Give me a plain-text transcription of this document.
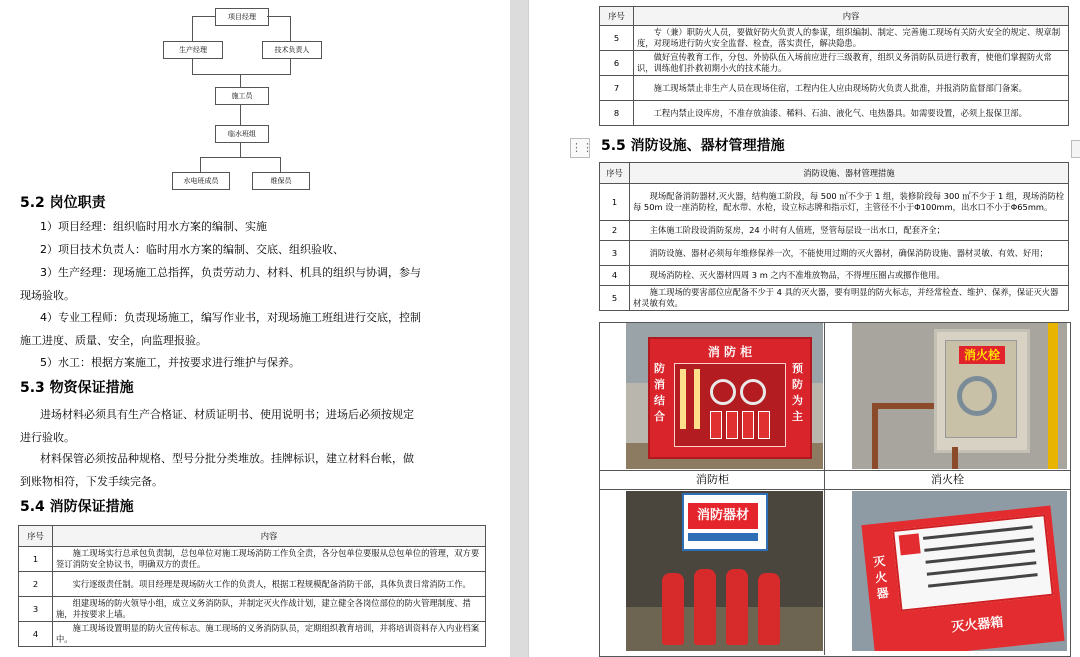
项目经理
生产经理	技术负责人
施工员
临水班组
水电班成员	维保员
5.2 岗位职责

1）项目经理：组织临时用水方案的编制、实施

2）项目技术负责人：临时用水方案的编制、交底、组织验收、

3）生产经理：现场施工总指挥，负责劳动力、材料、机具的组织与协调，参与

现场验收。

4）专业工程师：负责现场施工，编写作业书，对现场施工班组进行交底，控制

施工进度、质量、安全，向监理报验。

5）水工：根据方案施工，并按要求进行维护与保养。

5.3 物资保证措施

进场材料必须具有生产合格证、材质证明书、使用说明书；进场后必须按规定

进行验收。

材料保管必须按品种规格、型号分批分类堆放。挂牌标识，建立材料台帐，做

到账物相符，下发手续完备。

5.4 消防保证措施
序号	内容
1	施工现场实行总承包负责制，总包单位对施工现场消防工作负全责，各分包单位要服从总包单位的管理，双方要签订消防安全协议书，明确双方的责任。
2	实行逐级责任制。项目经理是现场防火工作的负责人，根据工程规模配备消防干部，具体负责日常消防工作。
3	组建现场的防火领导小组，成立义务消防队，并制定灭火作战计划，建立健全各岗位部位的防火管理制度、措施，并按要求上墙。
4	施工现场设置明显的防火宣传标志。施工现场的义务消防队员，定期组织教育培训，并将培训资料存入内业档案中。
序号	内容
5	专（兼）职防火人员，要做好防火负责人的参谋，组织编制、制定、完善施工现场有关防火安全的规定、规章制度，对现场进行防火安全监督、检查，落实责任，解决隐患。
6	做好宣传教育工作，分包、外协队伍入场前应进行三级教育，组织义务消防队员进行教育，使他们掌握防火常识，训练他们扑救初期小火的技术能力。
7	施工现场禁止非生产人员在现场住宿，工程内住人应由现场防火负责人批准，并报消防监督部门备案。
8	工程内禁止设库房，不准存放油漆、稀料、石油、液化气、电热器具。如需要设置，必须上报保卫部。
5.5 消防设施、器材管理措施
序号	消防设施、器材管理措施
1	现场配备消防器材,灭火器，结构施工阶段，每 500 ㎡不少于 1 组，装修阶段每 300 ㎡不少于 1 组，现场消防栓每 50m 设一座消防栓，配水带、水枪，设立标志牌和指示灯，主管径不小于Φ100mm，出水口不小于Φ65mm。
2	主体施工阶段设消防泵房，24 小时有人值班，竖管每层设一出水口，配套齐全；
3	消防设施、器材必须每年维修保养一次，不能使用过期的灭火器材，确保消防设施、器材灵敏、有效、好用；
4	现场消防栓、灭火器材四周 3 m 之内不准堆放物品，不得埋压圈占或挪作他用。
5	施工现场的要害部位应配备不少于 4 具的灭火器，要有明显的防火标志，并经常检查、维护、保养，保证灭火器材灵敏有效。
消 防 柜
防消结合
预防为主
消火栓
消防柜	消火栓
消防器材
灭火器
灭火器箱
⋮⋮
